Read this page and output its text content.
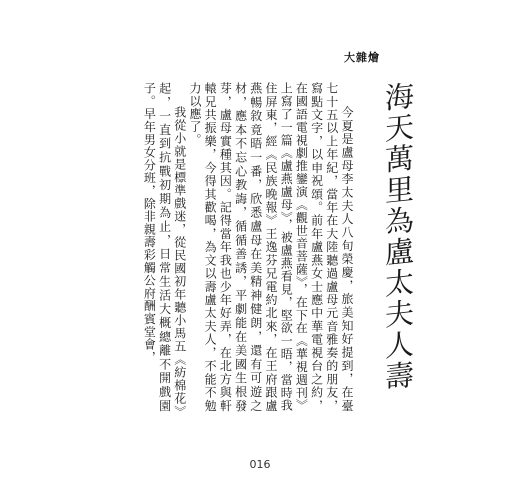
大雜燴
海天萬里為盧太夫人壽

今夏是盧母李太夫人八旬榮慶，旅美知好提到，在臺七十五以上年紀，當年在大陸聽過盧母元音雅奏的朋友，寫點文字，以申祝頌。前年盧燕女士應中華電視台之約，在國語電視劇推鑾演《觀世音菩薩》，在下在《華視週刊》上寫了一篇《盧燕盧母》，被盧燕看見，堅欲一晤，當時我住屏東，經《民族晚報》王逸芬兄電約北來，在王府跟盧燕暢敘竟晤一番，欣悉盧母在美精神健朗，還有可遊之材，應本不忘心教誨，循循善誘，平劇能在美國生根發芽，盧母實種其因。記得當年我也少年好弄，在北方與軒轅兄共振樂，今得其歡喝，為文以壽盧太夫人，不能不勉力以應了。

我從小就是標準戲迷，從民國初年聽小馬五《紡棉花》起，一直到抗戰初期為止，日常生活大概總離不開戲園子。早年男女分班，除非親壽彩觸公府酬賓堂會，

016
